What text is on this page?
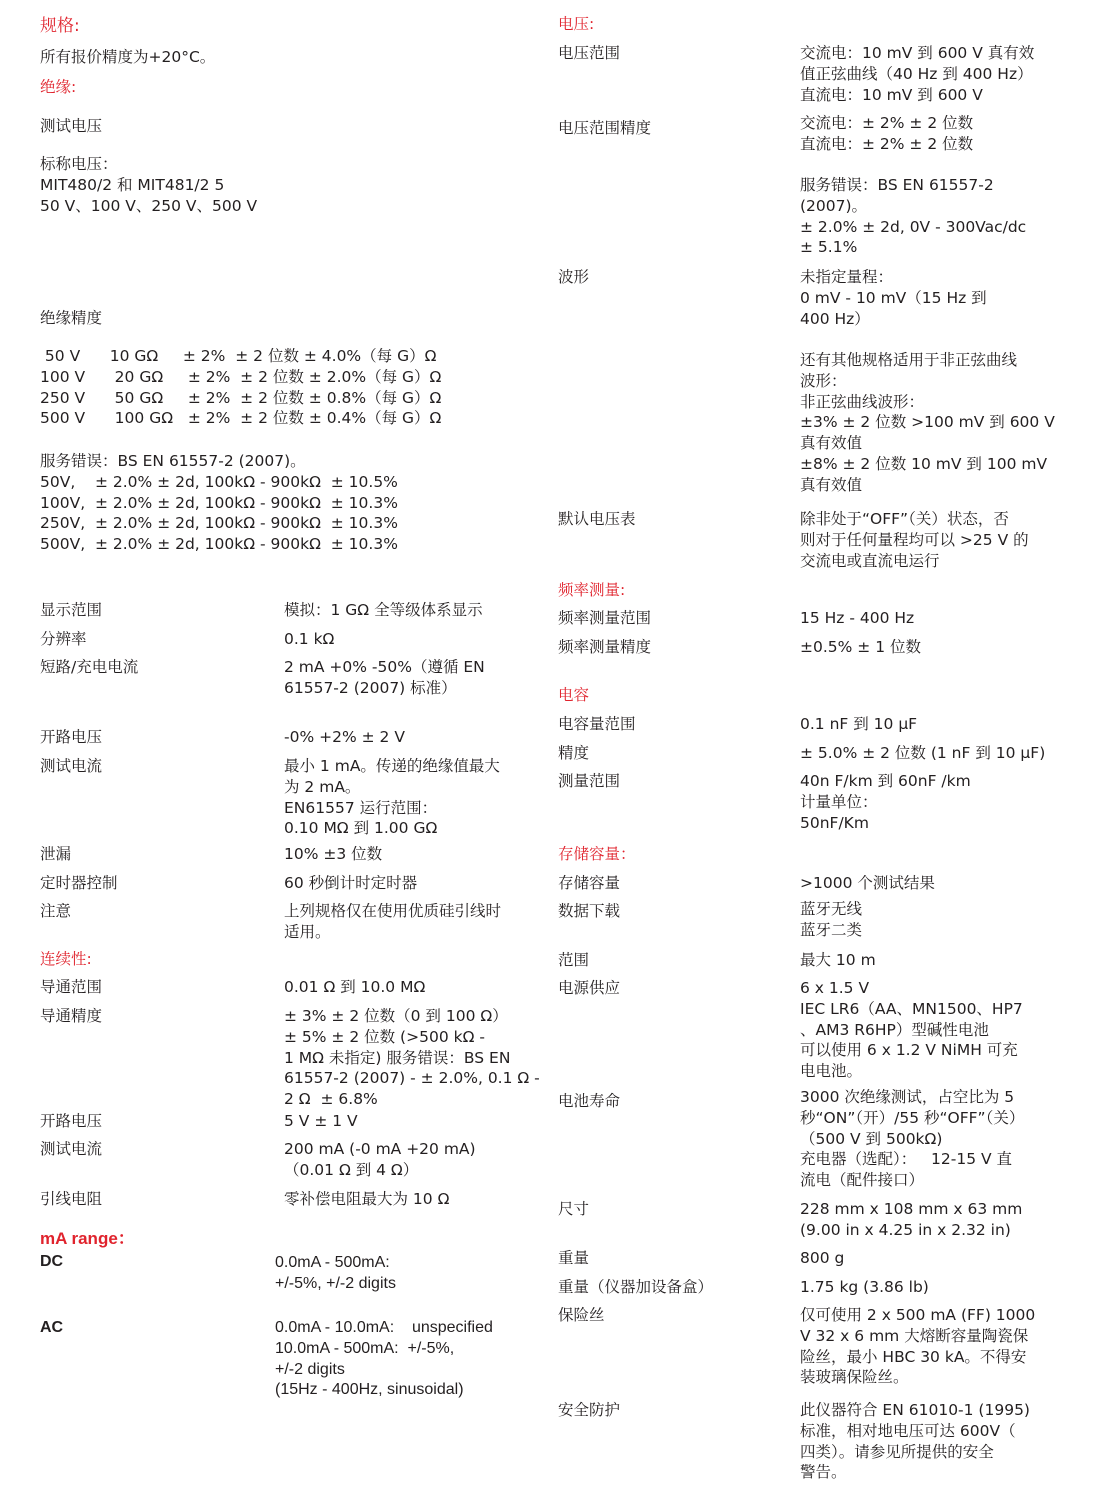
规格:
所有报价精度为+20°C。
绝缘:
测试电压
标称电压：
MIT480/2 和 MIT481/2 5
50 V、100 V、250 V、500 V
绝缘精度
50 V      10 GΩ     ± 2%  ± 2 位数 ± 4.0%（每 G）Ω
100 V      20 GΩ     ± 2%  ± 2 位数 ± 2.0%（每 G）Ω
250 V      50 GΩ     ± 2%  ± 2 位数 ± 0.8%（每 G）Ω
500 V      100 GΩ   ± 2%  ± 2 位数 ± 0.4%（每 G）Ω
服务错误：BS EN 61557-2 (2007)。
50V,    ± 2.0% ± 2d, 100kΩ - 900kΩ  ± 10.5%
100V,  ± 2.0% ± 2d, 100kΩ - 900kΩ  ± 10.3%
250V,  ± 2.0% ± 2d, 100kΩ - 900kΩ  ± 10.3%
500V,  ± 2.0% ± 2d, 100kΩ - 900kΩ  ± 10.3%
显示范围	模拟：1 GΩ 全等级体系显示
分辨率	0.1 kΩ
短路/充电电流	2 mA +0% -50%（遵循 EN
61557-2 (2007) 标准）
开路电压	-0% +2% ± 2 V
测试电流	最小 1 mA。传递的绝缘值最大
为 2 mA。
EN61557 运行范围：
0.10 MΩ 到 1.00 GΩ
泄漏	10% ±3 位数
定时器控制	60 秒倒计时定时器
注意	上列规格仅在使用优质硅引线时
适用。
连续性:
导通范围	0.01 Ω 到 10.0 MΩ
导通精度	± 3% ± 2 位数（0 到 100 Ω）
± 5% ± 2 位数 (>500 kΩ -
1 MΩ 未指定) 服务错误：BS EN
61557-2 (2007) - ± 2.0%, 0.1 Ω -
2 Ω  ± 6.8%
开路电压	5 V ± 1 V
测试电流	200 mA (-0 mA +20 mA)
（0.01 Ω 到 4 Ω）
引线电阻	零补偿电阻最大为 10 Ω
mA range：
DC	0.0mA - 500mA:
+/-5%, +/-2 digits
AC	0.0mA - 10.0mA:    unspecified
10.0mA - 500mA:  +/-5%,
+/-2 digits
(15Hz - 400Hz, sinusoidal)
电压:
电压范围	交流电：10 mV 到 600 V 真有效
值正弦曲线（40 Hz 到 400 Hz）
直流电：10 mV 到 600 V
电压范围精度	交流电：± 2% ± 2 位数
直流电：± 2% ± 2 位数
服务错误：BS EN 61557-2
(2007)。
± 2.0% ± 2d, 0V - 300Vac/dc
± 5.1%
波形	未指定量程：
0 mV - 10 mV（15 Hz 到
400 Hz）
还有其他规格适用于非正弦曲线
波形：
非正弦曲线波形：
±3% ± 2 位数 >100 mV 到 600 V
真有效值
±8% ± 2 位数 10 mV 到 100 mV
真有效值
默认电压表	除非处于“OFF”（关）状态，否
则对于任何量程均可以 >25 V 的
交流电或直流电运行
频率测量:
频率测量范围	15 Hz - 400 Hz
频率测量精度	±0.5% ± 1 位数
电容
电容量范围	0.1 nF 到 10 μF
精度	± 5.0% ± 2 位数 (1 nF 到 10 μF)
测量范围	40n F/km 到 60nF /km
计量单位：
50nF/Km
存储容量：
存储容量	>1000 个测试结果
数据下载	蓝牙无线
蓝牙二类
范围	最大 10 m
电源供应	6 x 1.5 V
IEC LR6（AA、MN1500、HP7
、AM3 R6HP）型碱性电池
可以使用 6 x 1.2 V NiMH 可充
电电池。
电池寿命	3000 次绝缘测试，占空比为 5
秒“ON”（开）/55 秒“OFF”（关）
（500 V 到 500kΩ)
充电器（选配）：   12-15 V 直
流电（配件接口）
尺寸	228 mm x 108 mm x 63 mm
(9.00 in x 4.25 in x 2.32 in)
重量	800 g
重量（仪器加设备盒）	1.75 kg (3.86 lb)
保险丝	仅可使用 2 x 500 mA (FF) 1000
V 32 x 6 mm 大熔断容量陶瓷保
险丝，最小 HBC 30 kA。不得安
装玻璃保险丝。
安全防护	此仪器符合 EN 61010-1 (1995)
标准，相对地电压可达 600V（
四类）。请参见所提供的安全
警告。
